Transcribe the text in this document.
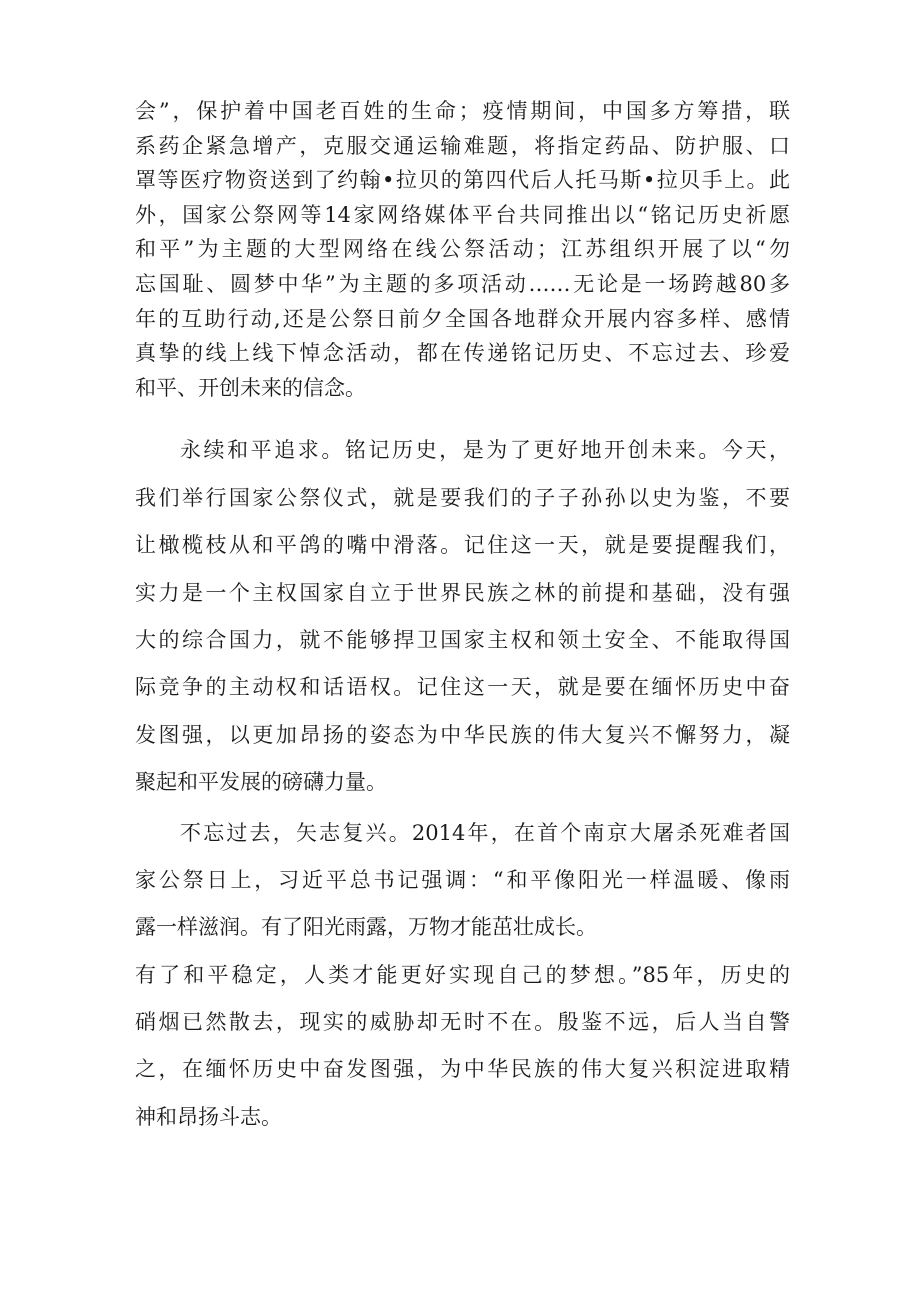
会”，保护着中国老百姓的生命；疫情期间，中国多方筹措，联
系药企紧急增产，克服交通运输难题，将指定药品、防护服、口
罩等医疗物资送到了约翰•拉贝的第四代后人托马斯•拉贝手上。此
外，国家公祭网等14家网络媒体平台共同推出以“铭记历史祈愿
和平”为主题的大型网络在线公祭活动；江苏组织开展了以“勿
忘国耻、圆梦中华”为主题的多项活动……无论是一场跨越80多
年的互助行动,还是公祭日前夕全国各地群众开展内容多样、感情
真挚的线上线下悼念活动，都在传递铭记历史、不忘过去、珍爱
和平、开创未来的信念。
永续和平追求。铭记历史，是为了更好地开创未来。今天，
我们举行国家公祭仪式，就是要我们的子子孙孙以史为鉴，不要
让橄榄枝从和平鸽的嘴中滑落。记住这一天，就是要提醒我们，
实力是一个主权国家自立于世界民族之林的前提和基础，没有强
大的综合国力，就不能够捍卫国家主权和领土安全、不能取得国
际竞争的主动权和话语权。记住这一天，就是要在缅怀历史中奋
发图强，以更加昂扬的姿态为中华民族的伟大复兴不懈努力，凝
聚起和平发展的磅礴力量。
不忘过去，矢志复兴。2014年，在首个南京大屠杀死难者国
家公祭日上，习近平总书记强调：“和平像阳光一样温暖、像雨
露一样滋润。有了阳光雨露，万物才能茁壮成长。
有了和平稳定，人类才能更好实现自己的梦想。”85年，历史的
硝烟已然散去，现实的威胁却无时不在。殷鉴不远，后人当自警
之，在缅怀历史中奋发图强，为中华民族的伟大复兴积淀进取精
神和昂扬斗志。
